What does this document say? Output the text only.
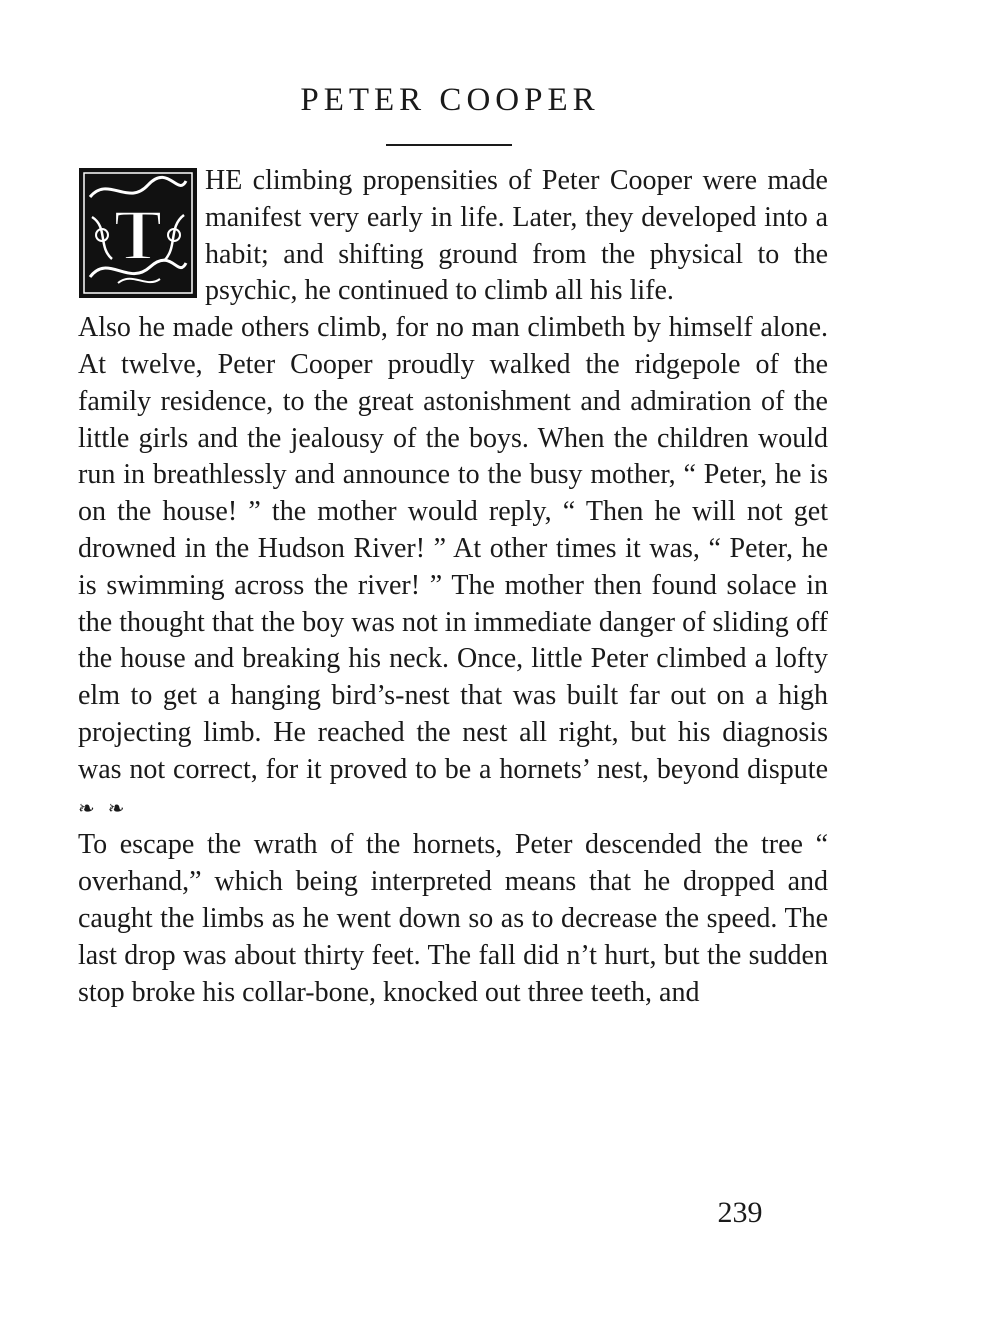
PETER COOPER
T

HE climbing propensities of Peter Cooper were made manifest very early in life. Later, they developed into a habit; and shifting ground from the physical to the psychic, he continued to climb all his life.

Also he made others climb, for no man climbeth by himself alone. At twelve, Peter Cooper proudly walked the ridgepole of the family residence, to the great astonishment and admiration of the little girls and the jealousy of the boys. When the children would run in breathlessly and announce to the busy mother, “ Peter, he is on the house! ” the mother would reply, “ Then he will not get drowned in the Hudson River! ” At other times it was, “ Peter, he is swimming across the river! ” The mother then found solace in the thought that the boy was not in immediate danger of sliding off the house and breaking his neck. Once, little Peter climbed a lofty elm to get a hanging bird’s-nest that was built far out on a high projecting limb. He reached the nest all right, but his diagnosis was not correct, for it proved to be a hornets’ nest, beyond dispute ❧ ❧

To escape the wrath of the hornets, Peter descended the tree “ overhand,” which being interpreted means that he dropped and caught the limbs as he went down so as to decrease the speed. The last drop was about thirty feet. The fall did n’t hurt, but the sudden stop broke his collar-bone, knocked out three teeth, and

239
